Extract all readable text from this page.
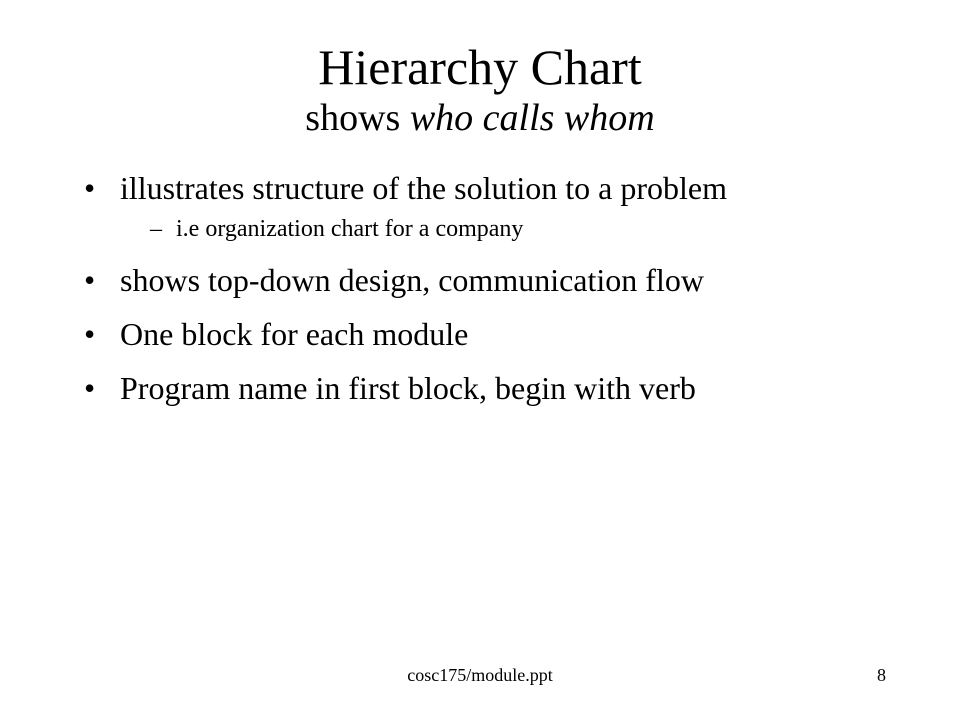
Hierarchy Chart

shows who calls whom

• illustrates structure of the solution to a problem
– i.e organization chart for a company
• shows top-down design, communication flow
• One block for each module
• Program name in first block, begin with verb
cosc175/module.ppt	8
